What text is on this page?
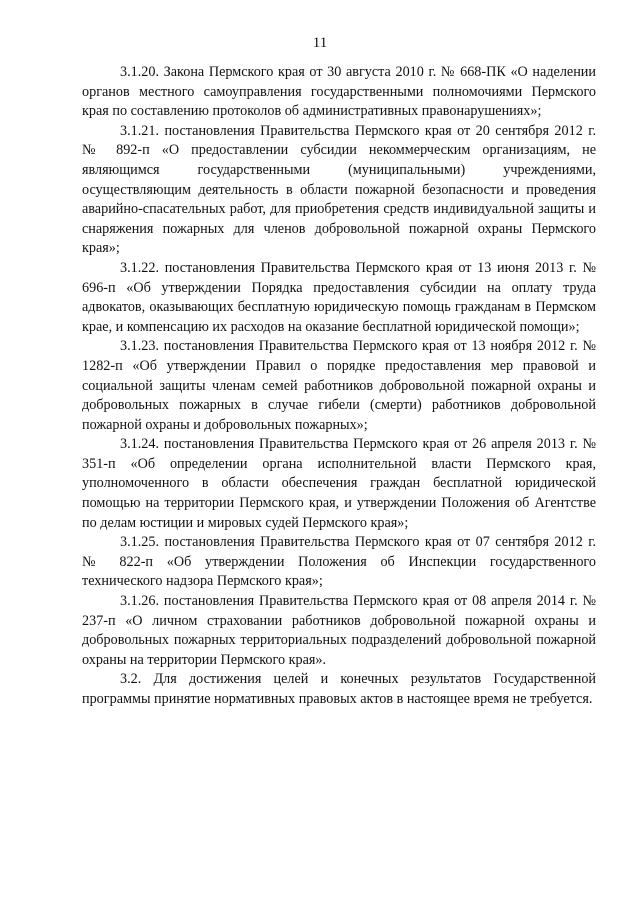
11

3.1.20. Закона Пермского края от 30 августа 2010 г. № 668-ПК «О наделении органов местного самоуправления государственными полномочиями Пермского края по составлению протоколов об административных правонарушениях»;

3.1.21. постановления Правительства Пермского края от 20 сентября 2012 г. № 892-п «О предоставлении субсидии некоммерческим организациям, не являющимся государственными (муниципальными) учреждениями, осуществляющим деятельность в области пожарной безопасности и проведения аварийно-спасательных работ, для приобретения средств индивидуальной защиты и снаряжения пожарных для членов добровольной пожарной охраны Пермского края»;

3.1.22. постановления Правительства Пермского края от 13 июня 2013 г. № 696-п «Об утверждении Порядка предоставления субсидии на оплату труда адвокатов, оказывающих бесплатную юридическую помощь гражданам в Пермском крае, и компенсацию их расходов на оказание бесплатной юридической помощи»;

3.1.23. постановления Правительства Пермского края от 13 ноября 2012 г. № 1282-п «Об утверждении Правил о порядке предоставления мер правовой и социальной защиты членам семей работников добровольной пожарной охраны и добровольных пожарных в случае гибели (смерти) работников добровольной пожарной охраны и добровольных пожарных»;

3.1.24. постановления Правительства Пермского края от 26 апреля 2013 г. № 351-п «Об определении органа исполнительной власти Пермского края, уполномоченного в области обеспечения граждан бесплатной юридической помощью на территории Пермского края, и утверждении Положения об Агентстве по делам юстиции и мировых судей Пермского края»;

3.1.25. постановления Правительства Пермского края от 07 сентября 2012 г. № 822-п «Об утверждении Положения об Инспекции государственного технического надзора Пермского края»;

3.1.26. постановления Правительства Пермского края от 08 апреля 2014 г. № 237-п «О личном страховании работников добровольной пожарной охраны и добровольных пожарных территориальных подразделений добровольной пожарной охраны на территории Пермского края».

3.2. Для достижения целей и конечных результатов Государственной программы принятие нормативных правовых актов в настоящее время не требуется.
